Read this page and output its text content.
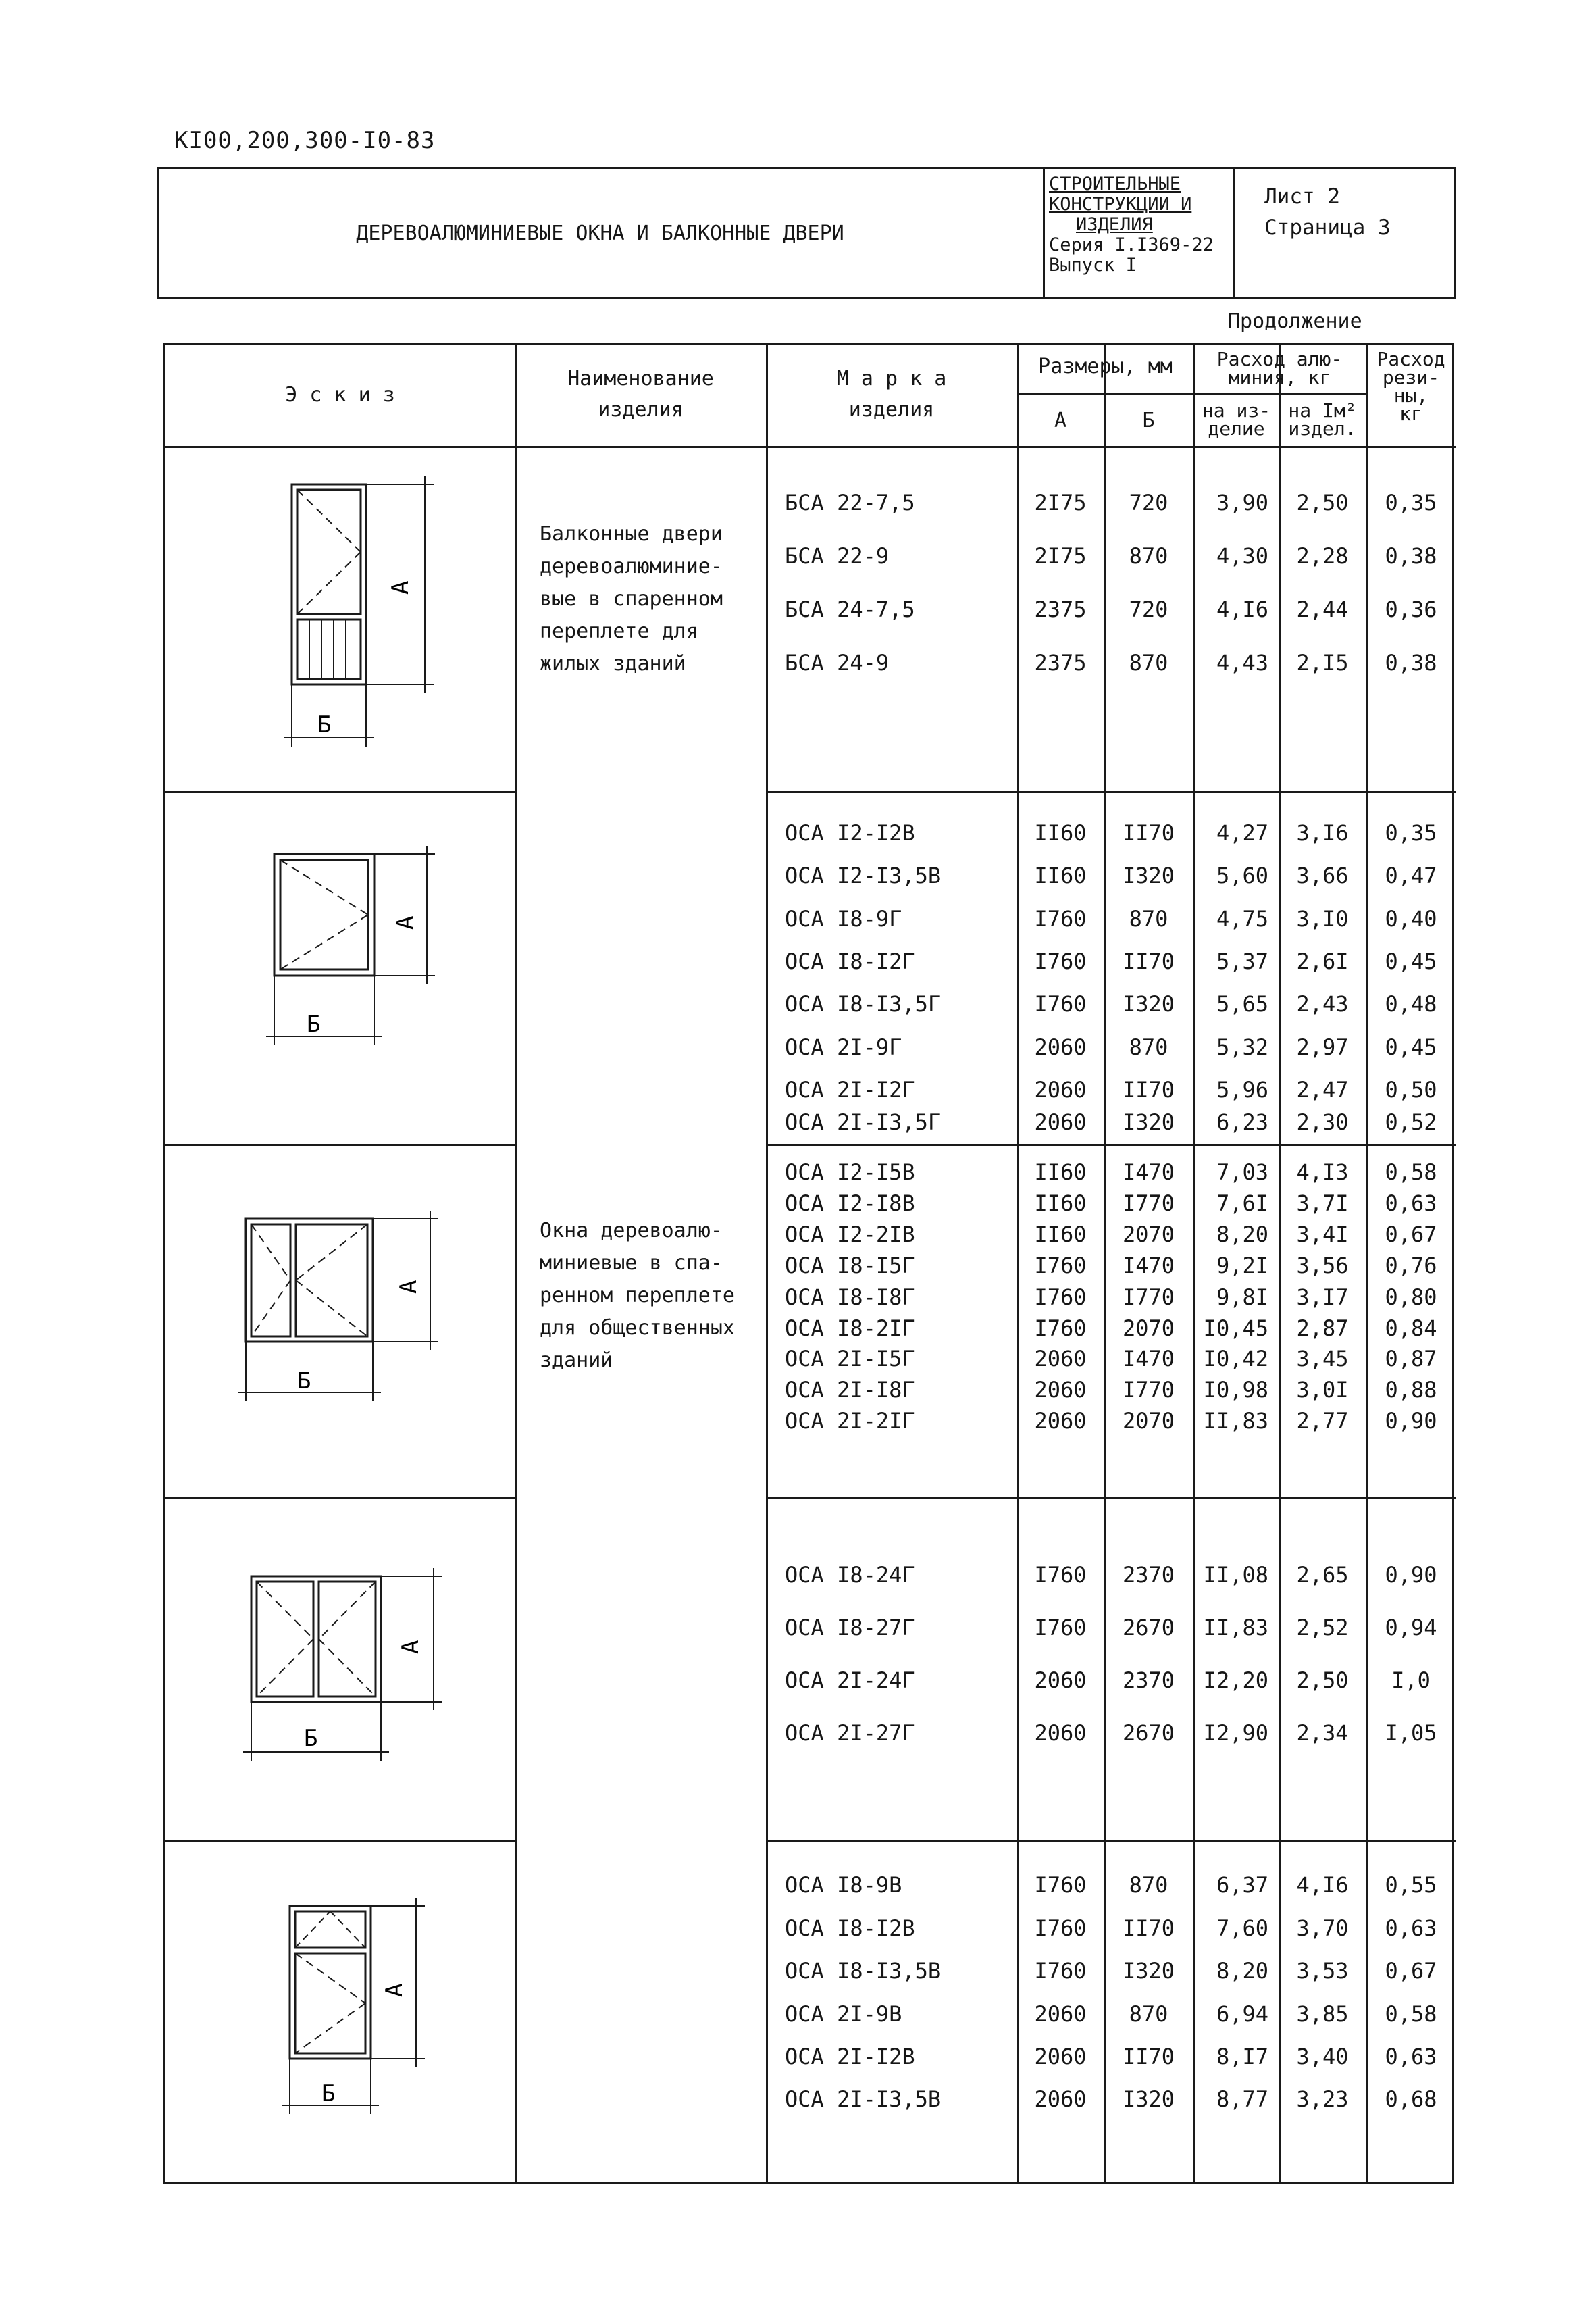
КI00,200,300-I0-83
ДЕРЕВОАЛЮМИНИЕВЫЕ ОКНА И БАЛКОННЫЕ ДВЕРИ
СТРОИТЕЛЬНЫЕ
КОНСТРУКЦИИ И
ИЗДЕЛИЯ
Серия I.I369-22
Выпуск I
Лист 2
Страница 3
Продолжение
Э с к и з
Наименование
изделия
М а р к а
изделия
Размеры, мм
А	Б
Расход алю-
миния, кг
на из-
делие
на Iм²
издел.
Расход
рези-
ны,
кг
Балконные двери
деревоалюминие-
вые в спаренном
переплете для
жилых зданий
Окна деревоалю-
миниевые в спа-
ренном переплете
для общественных
зданий
А
Б
А
Б
А
Б
А
Б
А
Б
БСА 22-7,5	2I75	720	3,90	2,50	0,35
БСА 22-9	2I75	870	4,30	2,28	0,38
БСА 24-7,5	2375	720	4,I6	2,44	0,36
БСА 24-9	2375	870	4,43	2,I5	0,38
ОСА I2-I2В	II60	II70	4,27	3,I6	0,35
ОСА I2-I3,5В	II60	I320	5,60	3,66	0,47
ОСА I8-9Г	I760	870	4,75	3,I0	0,40
ОСА I8-I2Г	I760	II70	5,37	2,6I	0,45
ОСА I8-I3,5Г	I760	I320	5,65	2,43	0,48
ОСА 2I-9Г	2060	870	5,32	2,97	0,45
ОСА 2I-I2Г	2060	II70	5,96	2,47	0,50
ОСА 2I-I3,5Г	2060	I320	6,23	2,30	0,52
ОСА I2-I5В	II60	I470	7,03	4,I3	0,58
ОСА I2-I8В	II60	I770	7,6I	3,7I	0,63
ОСА I2-2IВ	II60	2070	8,20	3,4I	0,67
ОСА I8-I5Г	I760	I470	9,2I	3,56	0,76
ОСА I8-I8Г	I760	I770	9,8I	3,I7	0,80
ОСА I8-2IГ	I760	2070	I0,45	2,87	0,84
ОСА 2I-I5Г	2060	I470	I0,42	3,45	0,87
ОСА 2I-I8Г	2060	I770	I0,98	3,0I	0,88
ОСА 2I-2IГ	2060	2070	II,83	2,77	0,90
ОСА I8-24Г	I760	2370	II,08	2,65	0,90
ОСА I8-27Г	I760	2670	II,83	2,52	0,94
ОСА 2I-24Г	2060	2370	I2,20	2,50	I,0
ОСА 2I-27Г	2060	2670	I2,90	2,34	I,05
ОСА I8-9В	I760	870	6,37	4,I6	0,55
ОСА I8-I2В	I760	II70	7,60	3,70	0,63
ОСА I8-I3,5В	I760	I320	8,20	3,53	0,67
ОСА 2I-9В	2060	870	6,94	3,85	0,58
ОСА 2I-I2В	2060	II70	8,I7	3,40	0,63
ОСА 2I-I3,5В	2060	I320	8,77	3,23	0,68
